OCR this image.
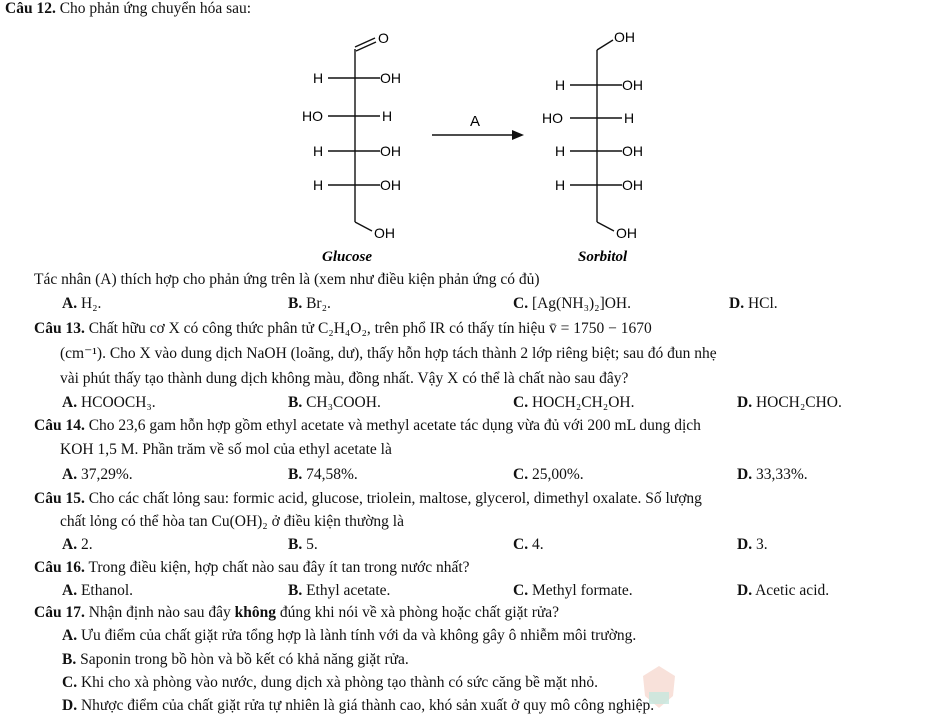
Câu 12. Cho phản ứng chuyển hóa sau:
O
H	OH
HO	H
H	OH
H	OH
OH
Glucose
A
OH
H	OH
HO	H
H	OH
H	OH
OH
Sorbitol
Tác nhân (A) thích hợp cho phản ứng trên là (xem như điều kiện phản ứng có đủ)
A. H₂.	B. Br₂.	C. [Ag(NH₃)₂]OH.	D. HCl.
Câu 13. Chất hữu cơ X có công thức phân tử C₂H₄O₂, trên phổ IR có thấy tín hiệu v̄ = 1750 − 1670
(cm⁻¹). Cho X vào dung dịch NaOH (loãng, dư), thấy hỗn hợp tách thành 2 lớp riêng biệt; sau đó đun nhẹ
vài phút thấy tạo thành dung dịch không màu, đồng nhất. Vậy X có thể là chất nào sau đây?
A. HCOOCH₃.	B. CH₃COOH.	C. HOCH₂CH₂OH.	D. HOCH₂CHO.
Câu 14. Cho 23,6 gam hỗn hợp gồm ethyl acetate và methyl acetate tác dụng vừa đủ với 200 mL dung dịch
KOH 1,5 M. Phần trăm về số mol của ethyl acetate là
A. 37,29%.	B. 74,58%.	C. 25,00%.	D. 33,33%.
Câu 15. Cho các chất lỏng sau: formic acid, glucose, triolein, maltose, glycerol, dimethyl oxalate. Số lượng
chất lỏng có thể hòa tan Cu(OH)₂ ở điều kiện thường là
A. 2.	B. 5.	C. 4.	D. 3.
Câu 16. Trong điều kiện, hợp chất nào sau đây ít tan trong nước nhất?
A. Ethanol.	B. Ethyl acetate.	C. Methyl formate.	D. Acetic acid.
Câu 17. Nhận định nào sau đây không đúng khi nói về xà phòng hoặc chất giặt rửa?
A. Ưu điểm của chất giặt rửa tổng hợp là lành tính với da và không gây ô nhiễm môi trường.
B. Saponin trong bồ hòn và bồ kết có khả năng giặt rửa.
C. Khi cho xà phòng vào nước, dung dịch xà phòng tạo thành có sức căng bề mặt nhỏ.
D. Nhược điểm của chất giặt rửa tự nhiên là giá thành cao, khó sản xuất ở quy mô công nghiệp.
